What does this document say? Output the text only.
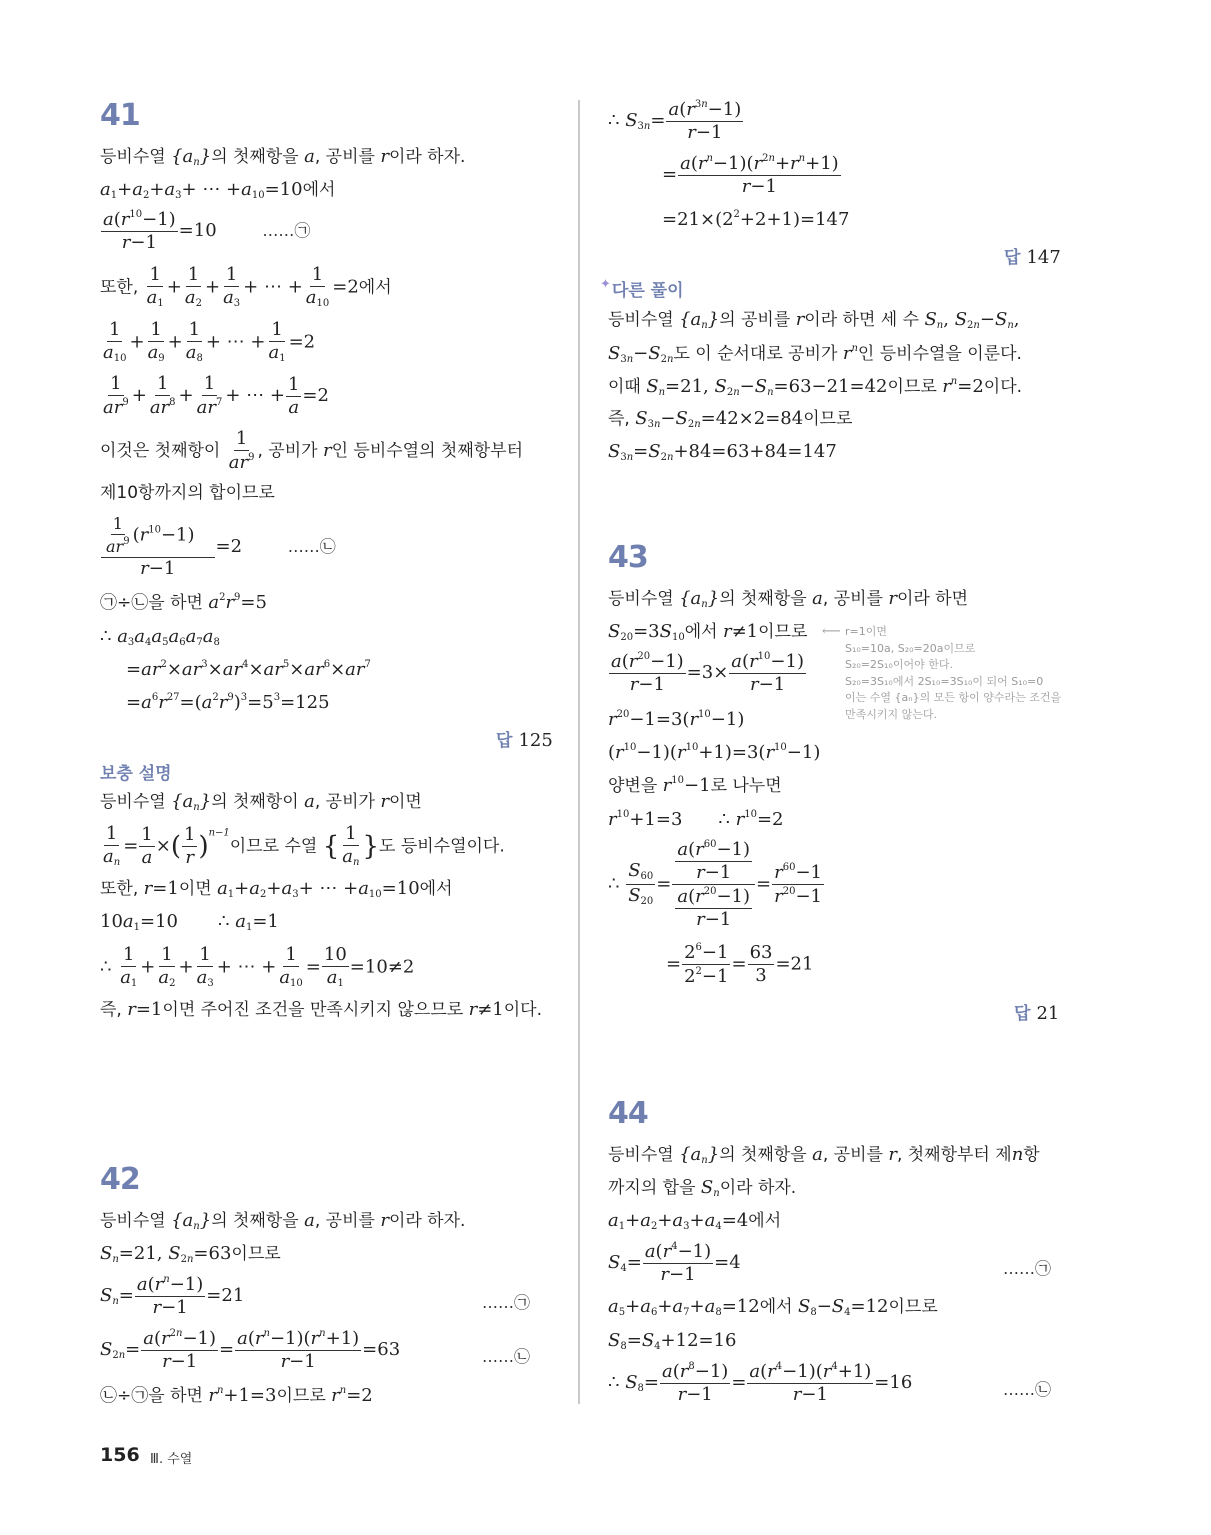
41
등비수열 $\{a_n\}$의 첫째항을 a, 공비를 r이라 하자.
$a_1+a_2+a_3+$ ⋯ $+a_{10}=10$에서
$\frac{a(r^{10}-1)}{r-1} =10$	……㉠
또한, $\frac{1}{a_1} + \frac{1}{a_2} + \frac{1}{a_3}$ + ⋯ + $\frac{1}{a_{10}} =2$에서
$\frac{1}{a_{10}} + \frac{1}{a_9} + \frac{1}{a_8}$ + ⋯ + $\frac{1}{a_1} =2$
$\frac{1}{ar^9} + \frac{1}{ar^8} + \frac{1}{ar^7}$ + ⋯ + $\frac{1}{a} =2$
이것은 첫째항이 $\frac{1}{ar^9}$ , 공비가 r인 등비수열의 첫째항부터
제10항까지의 합이므로
$\frac{\frac{1}{ar^9} (r^{10}-1)}{r-1} =2$	……㉡
㉠÷㉡을 하면 $a^2r^9=5$
∴ $a_3a_4a_5a_6a_7a_8$
$=ar^2\times ar^3\times ar^4\times ar^5\times ar^6\times ar^7$
$=a^6r^{27}=(a^2r^9)^3=5^3=125$
답 125
보충 설명
등비수열 $\{a_n\}$의 첫째항이 a, 공비가 r이면
$\frac{1}{a_n} = \frac{1}{a}$ ×( $\frac{1}{r} )^{n-1}$이므로 수열 { $\frac{1}{a_n}$ }도 등비수열이다.
또한, r=1이면 $a_1+a_2+a_3+$ ⋯ $+a_{10}=10$에서
$10a_1=10$ ∴ $a_1=1$
∴ $\frac{1}{a_1} + \frac{1}{a_2} + \frac{1}{a_3}$ + ⋯ + $\frac{1}{a_{10}} = \frac{10}{a_1} =10\ne 2$
즉, r=1이면 주어진 조건을 만족시키지 않으므로 r≠1이다.
42
등비수열 $\{a_n\}$의 첫째항을 a, 공비를 r이라 하자.
$S_n=21$, $S_{2n}=63$이므로
$S_n= \frac{a(r^n-1)}{r-1} =21$	……㉠
$S_{2n}= \frac{a(r^{2n}-1)}{r-1} = \frac{a(r^n-1)(r^n+1)}{r-1} =63$	……㉡
㉡÷㉠을 하면 $r^n+1=3$이므로 $r^n=2$
∴ $S_{3n}= \frac{a(r^{3n}-1)}{r-1}$
= $\frac{a(r^n-1)(r^{2n}+r^n+1)}{r-1}$
$=21\times(2^2+2+1)=147$
답 147
✦다른 풀이
등비수열 $\{a_n\}$의 공비를 r이라 하면 세 수 $S_n$, $S_{2n}-S_n$,
$S_{3n}-S_{2n}$도 이 순서대로 공비가 $r^n$인 등비수열을 이룬다.
이때 $S_n=21$, $S_{2n}-S_n=63-21=42$이므로 $r^n=2$이다.
즉, $S_{3n}-S_{2n}=42\times 2=84$이므로
$S_{3n}=S_{2n}+84=63+84=147$
43
등비수열 $\{a_n\}$의 첫째항을 a, 공비를 r이라 하면
$S_{20}=3S_{10}$에서 r≠1이므로 ⟵ r=1이면
S₁₀=10a, S₂₀=20a이므로
S₂₀=2S₁₀이어야 한다.
S₂₀=3S₁₀에서 2S₁₀=3S₁₀이 되어 S₁₀=0
이는 수열 {aₙ}의 모든 항이 양수라는 조건을
만족시키지 않는다.
$\frac{a(r^{20}-1)}{r-1} =3\times \frac{a(r^{10}-1)}{r-1}$
$r^{20}-1=3(r^{10}-1)$
$(r^{10}-1)(r^{10}+1)=3(r^{10}-1)$
양변을 $r^{10}-1$로 나누면
$r^{10}+1=3$ ∴ $r^{10}=2$
∴ $\frac{S_{60}}{S_{20}} = \frac{\frac{a(r^{60}-1)}{r-1}}{\frac{a(r^{20}-1)}{r-1}} = \frac{r^{60}-1}{r^{20}-1}$
= $\frac{2^6-1}{2^2-1} = \frac{63}{3} =21$
답 21
44
등비수열 $\{a_n\}$의 첫째항을 a, 공비를 r, 첫째항부터 제n항
까지의 합을 $S_n$이라 하자.
$a_1+a_2+a_3+a_4=4$에서
$S_4= \frac{a(r^4-1)}{r-1} =4$	……㉠
$a_5+a_6+a_7+a_8=12$에서 $S_8-S_4=12$이므로
$S_8=S_4+12=16$
∴ $S_8= \frac{a(r^8-1)}{r-1} = \frac{a(r^4-1)(r^4+1)}{r-1} =16$	……㉡
156 Ⅲ. 수열
